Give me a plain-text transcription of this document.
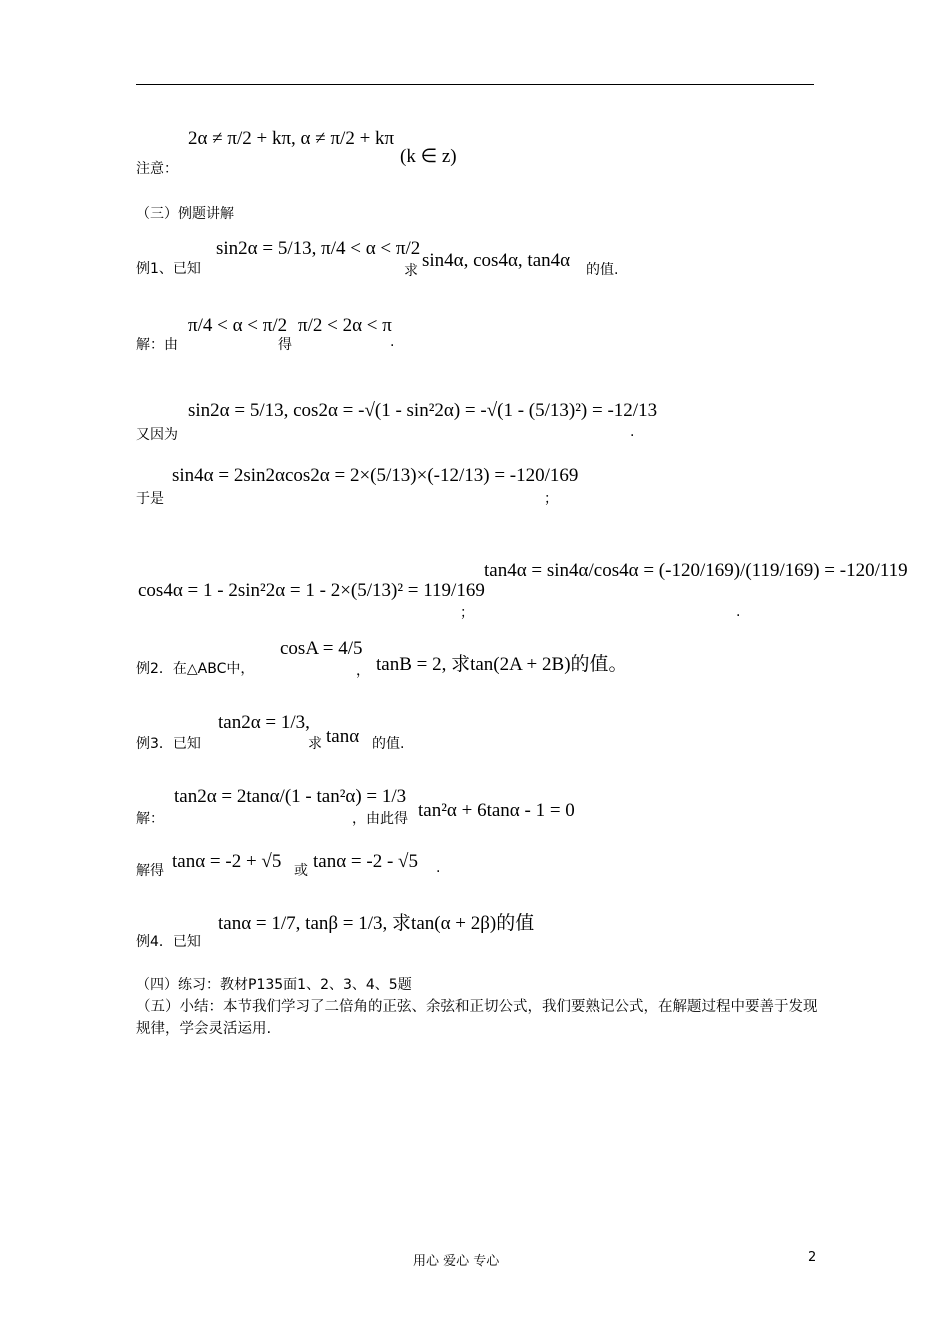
注意：
2α ≠ π/2 + kπ, α ≠ π/2 + kπ
(k ∈ z)
（三）例题讲解
例1、已知
sin2α = 5/13, π/4 < α < π/2
求 sin4α, cos4α, tan4α 的值.
解：由
π/4 < α < π/2
得
π/2 < 2α < π
.
又因为
sin2α = 5/13, cos2α = -√(1 - sin²2α) = -√(1 - (5/13)²) = -12/13
.
于是
sin4α = 2sin2αcos2α = 2×(5/13)×(-12/13) = -120/169
；
cos4α = 1 - 2sin²2α = 1 - 2×(5/13)² = 119/169
；
tan4α = sin4α/cos4α = (-120/169)/(119/169) = -120/119
.
例2．在△ABC中，
cosA = 4/5
， tanB = 2, 求tan(2A + 2B)的值。
例3．已知
tan2α = 1/3,
求 tanα 的值.
解：
tan2α = 2tanα/(1 - tan²α) = 1/3
，由此得 tan²α + 6tanα - 1 = 0
解得 tanα = -2 + √5 或 tanα = -2 - √5 .
例4．已知
tanα = 1/7, tanβ = 1/3, 求tan(α + 2β)的值
（四）练习：教材P135面1、2、3、4、5题
（五）小结：本节我们学习了二倍角的正弦、余弦和正切公式，我们要熟记公式，在解题过程中要善于发现规律，学会灵活运用.
用心 爱心 专心	2
